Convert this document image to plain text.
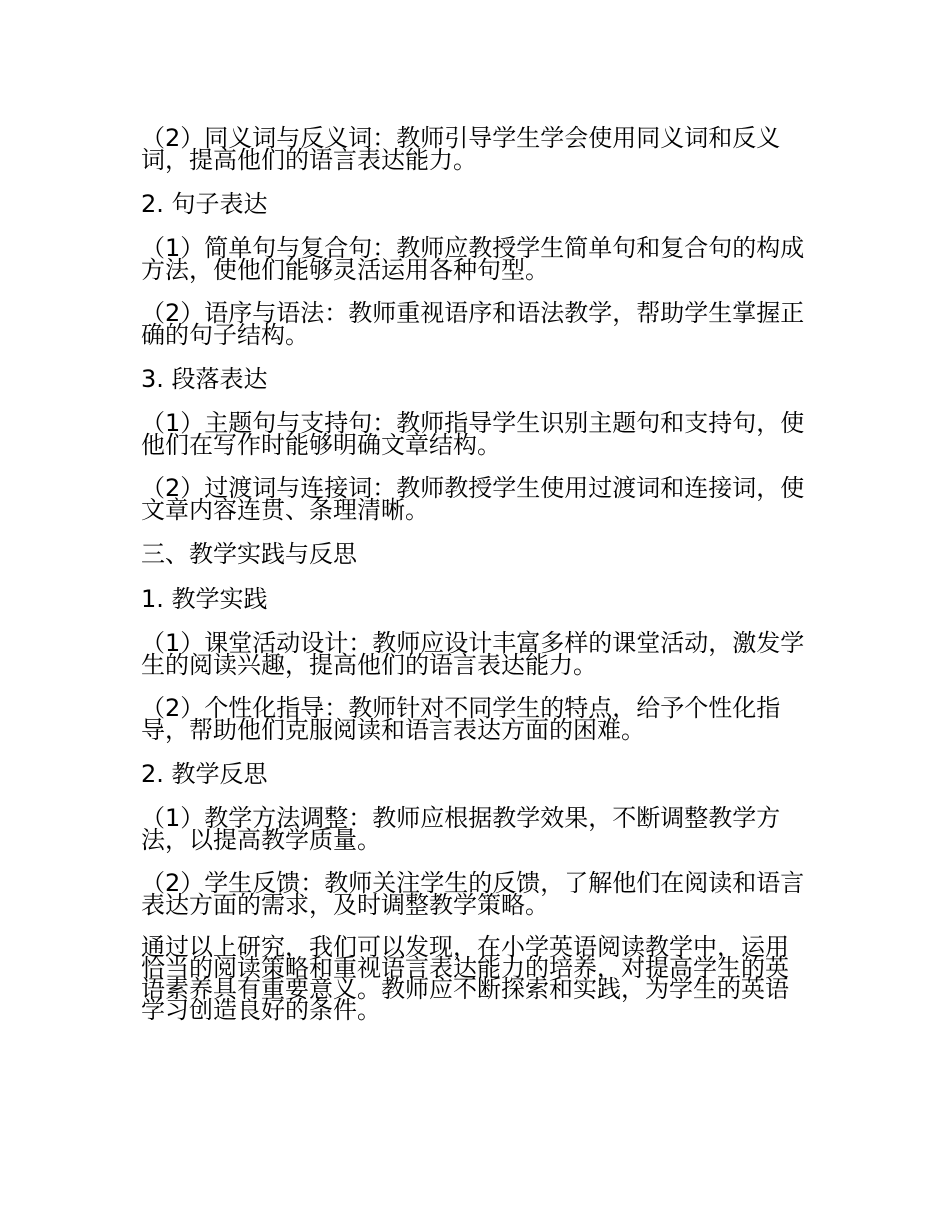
（2）同义词与反义词：教师引导学生学会使用同义词和反义词，提高他们的语言表达能力。

2. 句子表达

（1）简单句与复合句：教师应教授学生简单句和复合句的构成方法，使他们能够灵活运用各种句型。

（2）语序与语法：教师重视语序和语法教学，帮助学生掌握正确的句子结构。

3. 段落表达

（1）主题句与支持句：教师指导学生识别主题句和支持句，使他们在写作时能够明确文章结构。

（2）过渡词与连接词：教师教授学生使用过渡词和连接词，使文章内容连贯、条理清晰。

三、教学实践与反思

1. 教学实践

（1）课堂活动设计：教师应设计丰富多样的课堂活动，激发学生的阅读兴趣，提高他们的语言表达能力。

（2）个性化指导：教师针对不同学生的特点，给予个性化指导，帮助他们克服阅读和语言表达方面的困难。

2. 教学反思

（1）教学方法调整：教师应根据教学效果，不断调整教学方法，以提高教学质量。

（2）学生反馈：教师关注学生的反馈，了解他们在阅读和语言表达方面的需求，及时调整教学策略。

通过以上研究，我们可以发现，在小学英语阅读教学中，运用恰当的阅读策略和重视语言表达能力的培养，对提高学生的英语素养具有重要意义。教师应不断探索和实践，为学生的英语学习创造良好的条件。
